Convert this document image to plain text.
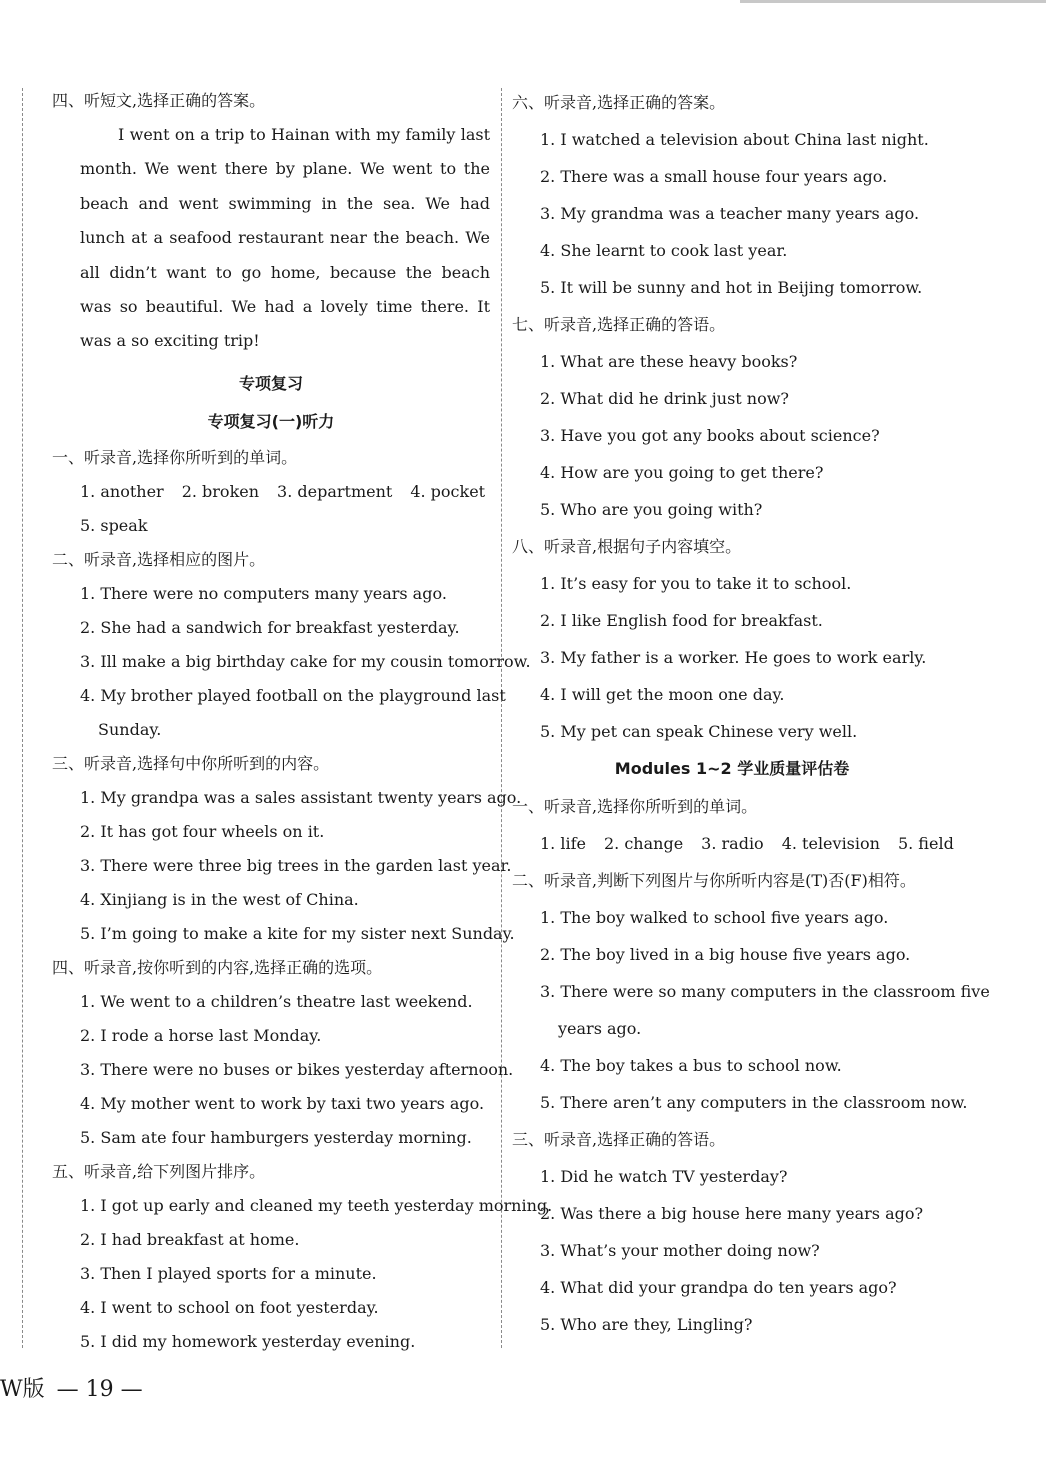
四、听短文,选择正确的答案。
I went on a trip to Hainan with my family last month. We went there by plane. We went to the beach and went swimming in the sea. We had lunch at a seafood restaurant near the beach. We all didn’t want to go home, because the beach was so beautiful. We had a lovely time there. It was a so exciting trip!
专项复习
专项复习(一)听力
一、听录音,选择你所听到的单词。
1. another 2. broken 3. department 4. pocket
5. speak
二、听录音,选择相应的图片。
1. There were no computers many years ago.
2. She had a sandwich for breakfast yesterday.
3. Ill make a big birthday cake for my cousin tomorrow.
4. My brother played football on the playground last
Sunday.
三、听录音,选择句中你所听到的内容。
1. My grandpa was a sales assistant twenty years ago.
2. It has got four wheels on it.
3. There were three big trees in the garden last year.
4. Xinjiang is in the west of China.
5. I’m going to make a kite for my sister next Sunday.
四、听录音,按你听到的内容,选择正确的选项。
1. We went to a children’s theatre last weekend.
2. I rode a horse last Monday.
3. There were no buses or bikes yesterday afternoon.
4. My mother went to work by taxi two years ago.
5. Sam ate four hamburgers yesterday morning.
五、听录音,给下列图片排序。
1. I got up early and cleaned my teeth yesterday morning.
2. I had breakfast at home.
3. Then I played sports for a minute.
4. I went to school on foot yesterday.
5. I did my homework yesterday evening.
六、听录音,选择正确的答案。
1. I watched a television about China last night.
2. There was a small house four years ago.
3. My grandma was a teacher many years ago.
4. She learnt to cook last year.
5. It will be sunny and hot in Beijing tomorrow.
七、听录音,选择正确的答语。
1. What are these heavy books?
2. What did he drink just now?
3. Have you got any books about science?
4. How are you going to get there?
5. Who are you going with?
八、听录音,根据句子内容填空。
1. It’s easy for you to take it to school.
2. I like English food for breakfast.
3. My father is a worker. He goes to work early.
4. I will get the moon one day.
5. My pet can speak Chinese very well.
Modules 1~2 学业质量评估卷
一、听录音,选择你所听到的单词。
1. life 2. change 3. radio 4. television 5. field
二、听录音,判断下列图片与你所听内容是(T)否(F)相符。
1. The boy walked to school five years ago.
2. The boy lived in a big house five years ago.
3. There were so many computers in the classroom five
years ago.
4. The boy takes a bus to school now.
5. There aren’t any computers in the classroom now.
三、听录音,选择正确的答语。
1. Did he watch TV yesterday?
2. Was there a big house here many years ago?
3. What’s your mother doing now?
4. What did your grandpa do ten years ago?
5. Who are they, Lingling?
W版 — 19 —
